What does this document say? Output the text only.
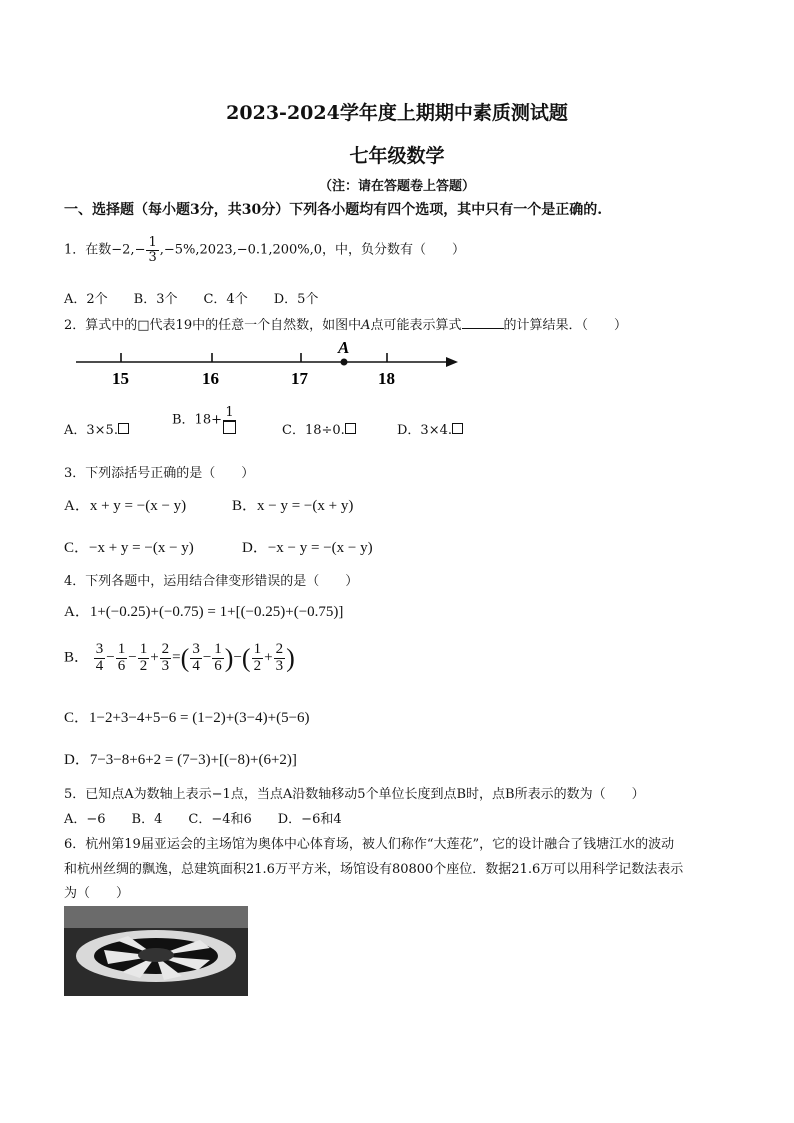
2023-2024学年度上期期中素质测试题
七年级数学
（注：请在答题卷上答题）
一、选择题（每小题3分，共30分）下列各小题均有四个选项，其中只有一个是正确的.
1．在数$-2,- \frac{1}{3} ,-5\%,2023,-0.1,200\%,0$，中，负分数有（　　）
A．2个　　B．3个　　C．4个　　D．5个
2．算式中的□代表19中的任意一个自然数，如图中A点可能表示算式	的计算结果．（　　）
A
15	16	17	18
A．3×5.
B．18+ 1
C．18÷0.	D．3×4.
3．下列添括号正确的是（　　）
A．x + y = −(x − y)	B．x − y = −(x + y)
C．−x + y = −(x − y)	D．−x − y = −(x − y)
4．下列各题中，运用结合律变形错误的是（　　）
A．1+(−0.25)+(−0.75) = 1+[(−0.25)+(−0.75)]
B． $\frac{3}{4} - \frac{1}{6} - \frac{1}{2} + \frac{2}{3}$ =( $\frac{3}{4} - \frac{1}{6}$ )−( $\frac{1}{2} + \frac{2}{3}$ )
C．1−2+3−4+5−6 = (1−2)+(3−4)+(5−6)
D．7−3−8+6+2 = (7−3)+[(−8)+(6+2)]
5．已知点A为数轴上表示−1点，当点A沿数轴移动5个单位长度到点B时，点B所表示的数为（　　）
A．−6　　B．4　　C．−4和6　　D．−6和4
6．杭州第19届亚运会的主场馆为奥体中心体育场，被人们称作“大莲花”，它的设计融合了钱塘江水的波动
和杭州丝绸的飘逸，总建筑面积21.6万平方米，场馆设有80800个座位．数据21.6万可以用科学记数法表示
为（　　）
